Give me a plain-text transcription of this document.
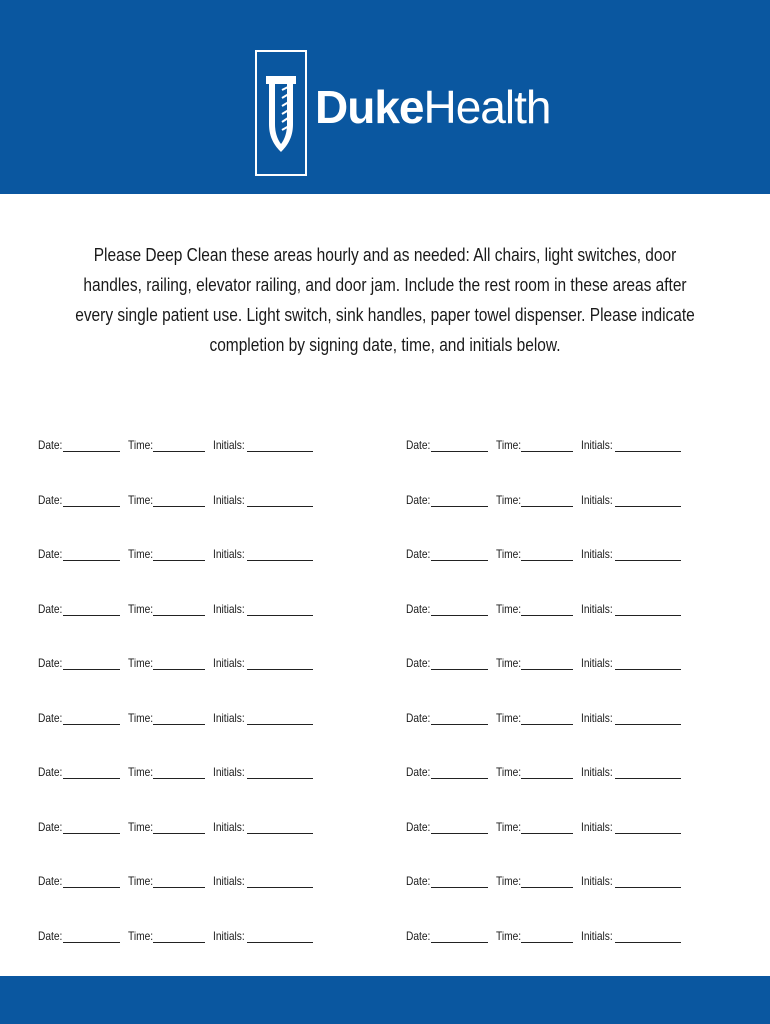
DukeHealth
Please Deep Clean these areas hourly and as needed: All chairs, light switches, door handles, railing, elevator railing, and door jam. Include the rest room in these areas after every single patient use. Light switch, sink handles, paper towel dispenser. Please indicate completion by signing date, time, and initials below.
Date:	Time:	Initials:	Date:	Time:	Initials:
Date:	Time:	Initials:	Date:	Time:	Initials:
Date:	Time:	Initials:	Date:	Time:	Initials:
Date:	Time:	Initials:	Date:	Time:	Initials:
Date:	Time:	Initials:	Date:	Time:	Initials:
Date:	Time:	Initials:	Date:	Time:	Initials:
Date:	Time:	Initials:	Date:	Time:	Initials:
Date:	Time:	Initials:	Date:	Time:	Initials:
Date:	Time:	Initials:	Date:	Time:	Initials:
Date:	Time:	Initials:	Date:	Time:	Initials:
